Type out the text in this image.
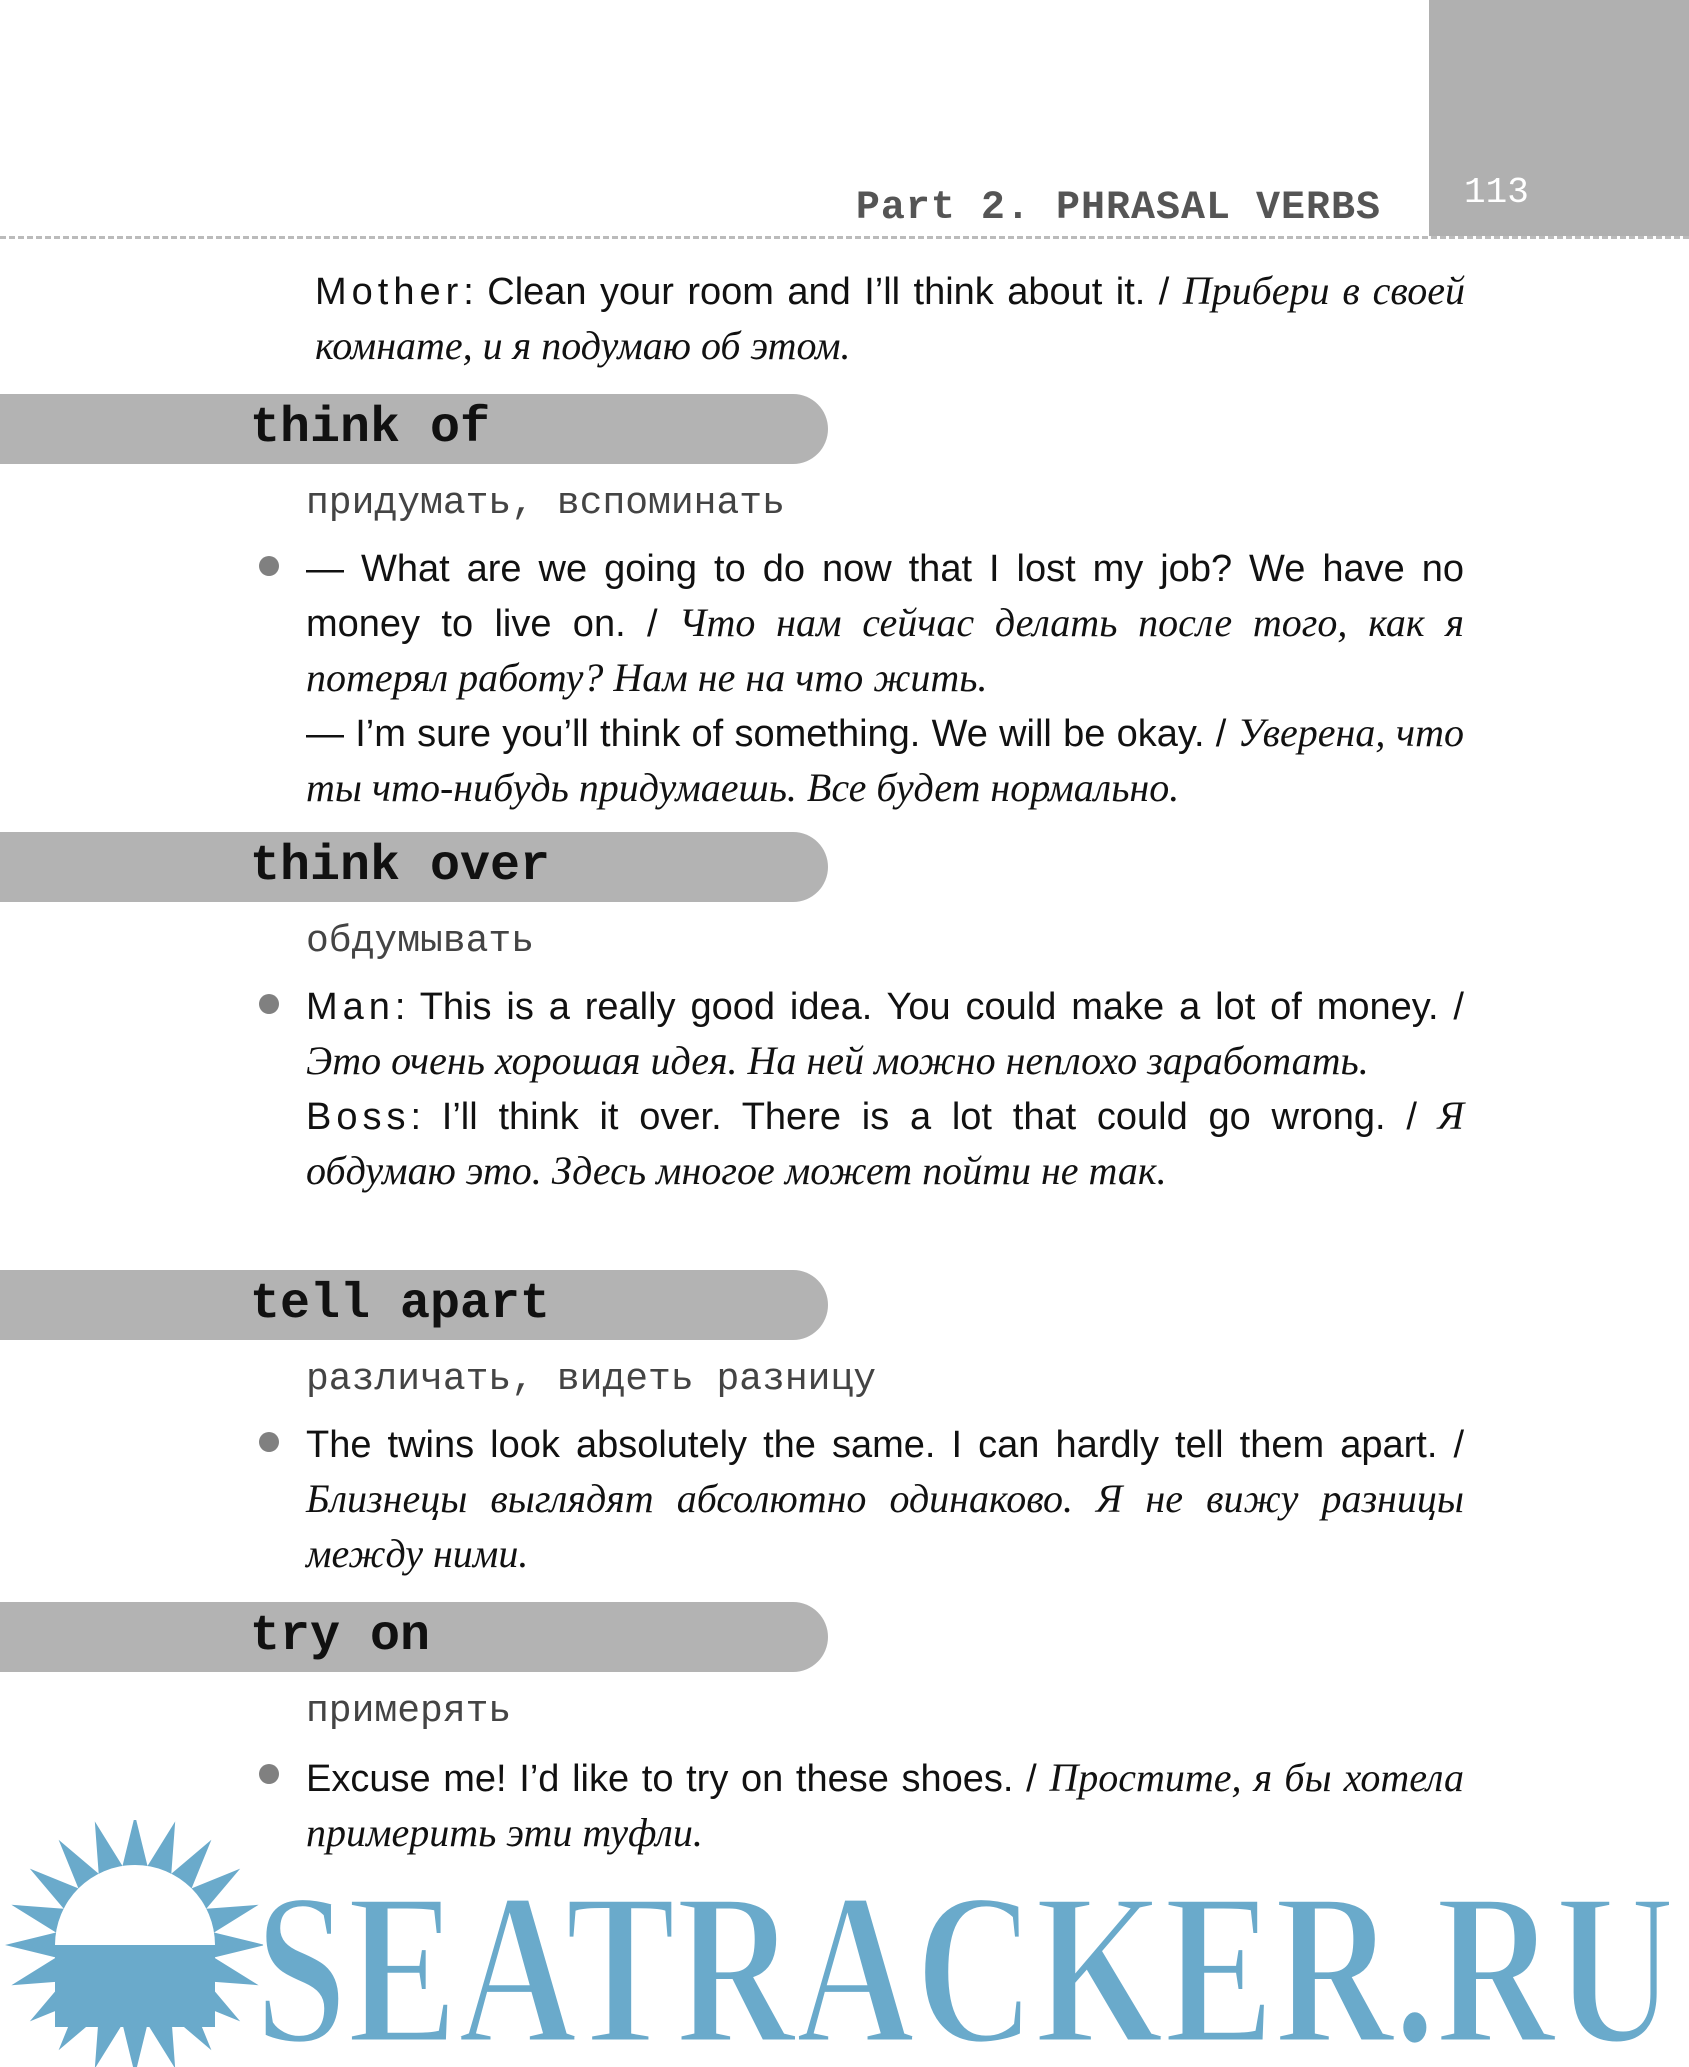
113
Part 2. PHRASAL VERBS
Mother: Clean your room and I’ll think about it. / Прибери в своей комнате, и я подумаю об этом.
think of
придумать, вспоминать
— What are we going to do now that I lost my job? We have no money to live on. / Что нам сейчас делать после того, как я потерял работу? Нам не на что жить.
— I’m sure you’ll think of something. We will be okay. / Уверена, что ты что-нибудь придумаешь. Все будет нормально.
think over
обдумывать
Man: This is a really good idea. You could make a lot of money. / Это очень хорошая идея. На ней можно неплохо заработать.
Boss: I’ll think it over. There is a lot that could go wrong. / Я обдумаю это. Здесь многое может пойти не так.
tell apart
различать, видеть разницу
The twins look absolutely the same. I can hardly tell them apart. / Близнецы выглядят абсолютно одинаково. Я не вижу разницы между ними.
try on
примерять
Excuse me! I’d like to try on these shoes. / Простите, я бы хотела примерить эти туфли.
SEATRACKER.RU
